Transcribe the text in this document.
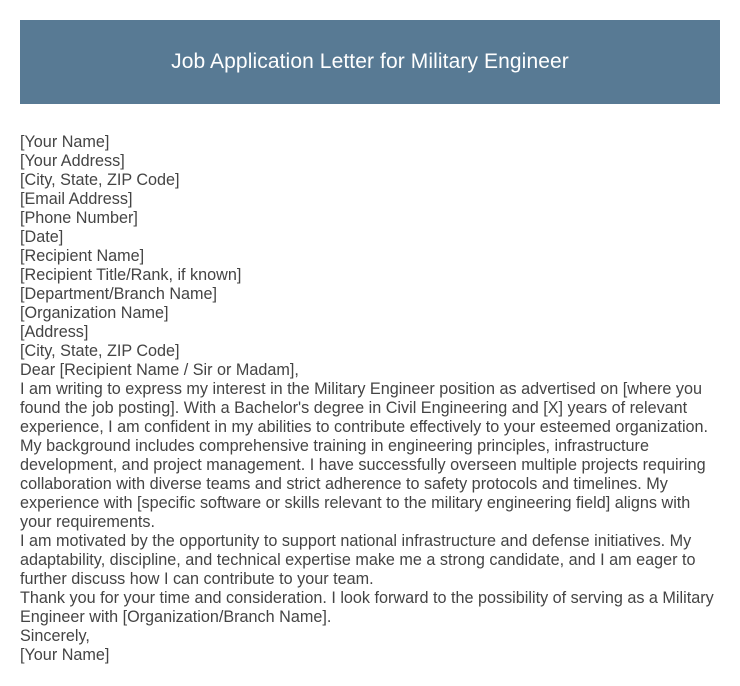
Job Application Letter for Military Engineer
[Your Name]
[Your Address]
[City, State, ZIP Code]
[Email Address]
[Phone Number]
[Date]
[Recipient Name]
[Recipient Title/Rank, if known]
[Department/Branch Name]
[Organization Name]
[Address]
[City, State, ZIP Code]
Dear [Recipient Name / Sir or Madam],
I am writing to express my interest in the Military Engineer position as advertised on [where you
found the job posting]. With a Bachelor's degree in Civil Engineering and [X] years of relevant
experience, I am confident in my abilities to contribute effectively to your esteemed organization.
My background includes comprehensive training in engineering principles, infrastructure
development, and project management. I have successfully overseen multiple projects requiring
collaboration with diverse teams and strict adherence to safety protocols and timelines. My
experience with [specific software or skills relevant to the military engineering field] aligns with
your requirements.
I am motivated by the opportunity to support national infrastructure and defense initiatives. My
adaptability, discipline, and technical expertise make me a strong candidate, and I am eager to
further discuss how I can contribute to your team.
Thank you for your time and consideration. I look forward to the possibility of serving as a Military
Engineer with [Organization/Branch Name].
Sincerely,
[Your Name]
